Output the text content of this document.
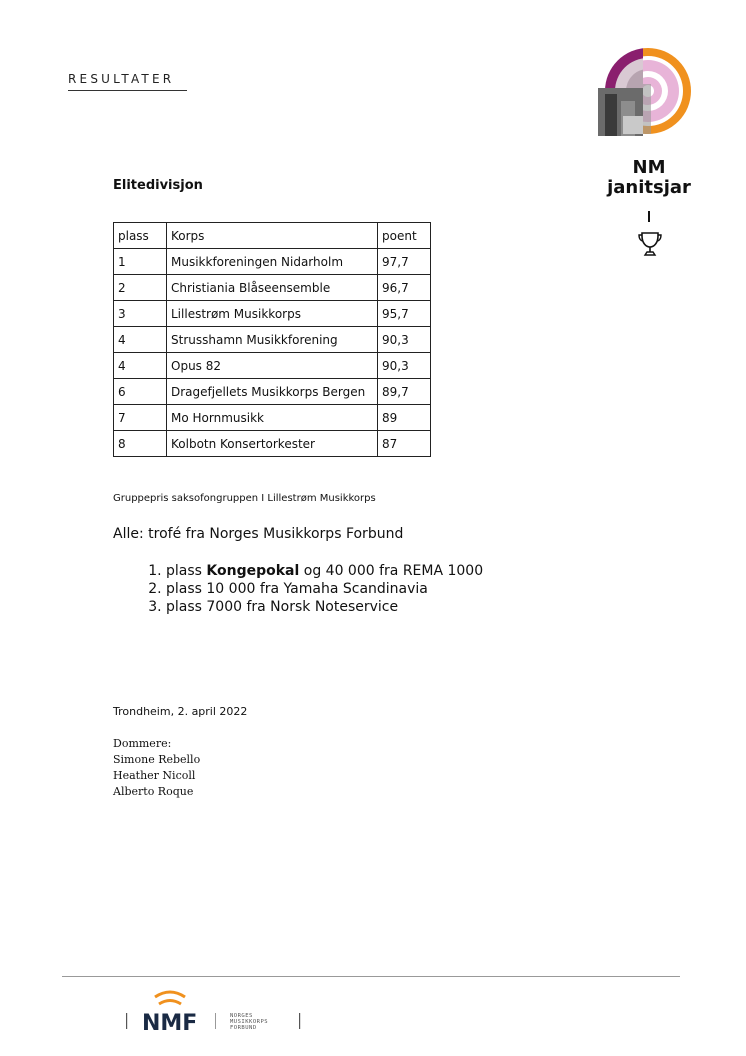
RESULTATER
NM
janitsjar
Elitedivisjon
plass	Korps	poent
1	Musikkforeningen Nidarholm	97,7
2	Christiania Blåseensemble	96,7
3	Lillestrøm Musikkorps	95,7
4	Strusshamn Musikkforening	90,3
4	Opus 82	90,3
6	Dragefjellets Musikkorps Bergen	89,7
7	Mo Hornmusikk	89
8	Kolbotn Konsertorkester	87
Gruppepris saksofongruppen I Lillestrøm Musikkorps
Alle: trofé fra Norges Musikkorps Forbund
1. plass Kongepokal og 40 000 fra REMA 1000
2. plass 10 000 fra Yamaha Scandinavia
3. plass 7000 fra Norsk Noteservice
Trondheim, 2. april 2022
Dommere:
Simone Rebello
Heather Nicoll
Alberto Roque
NMF	NORGES
MUSIKKORPS
FORBUND
